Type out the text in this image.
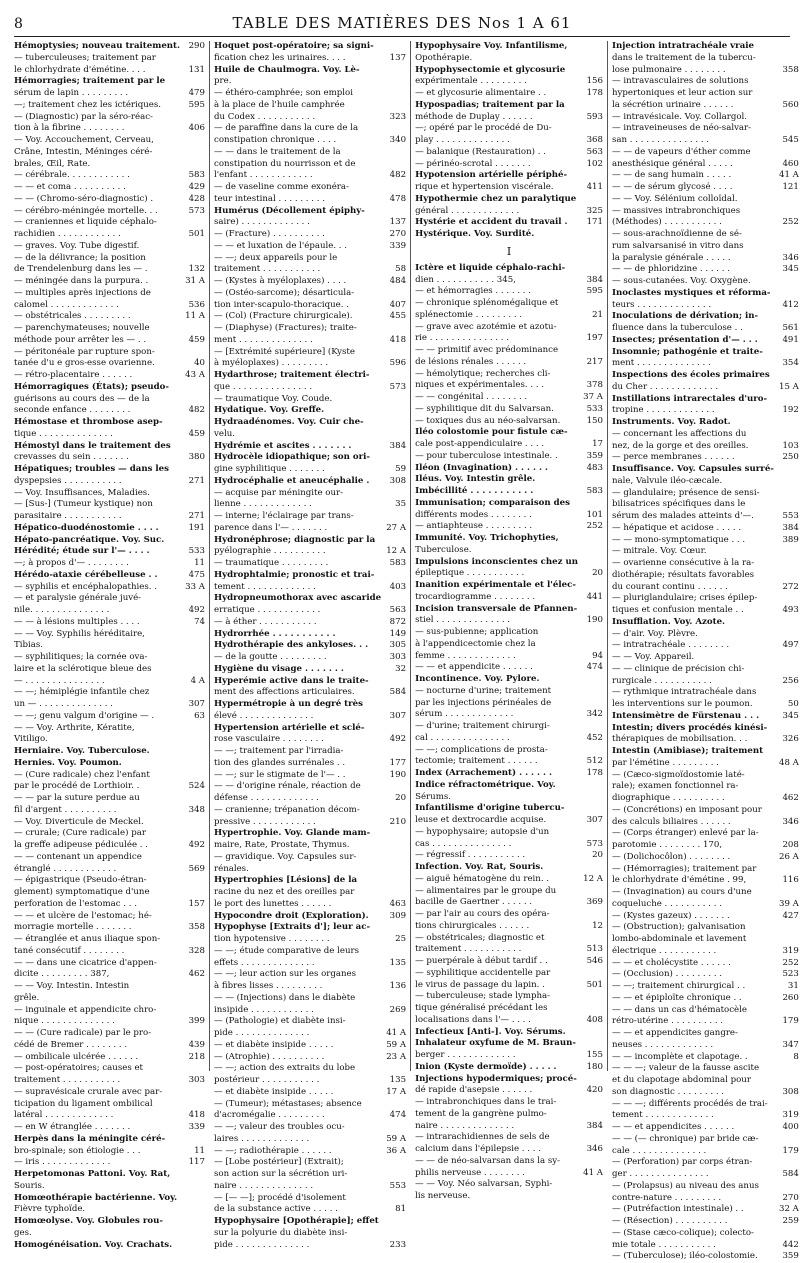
8	TABLE DES MATIÈRES DES Nos 1 A 61
Hémoptysies; nouveau traitement. 290
— tuberculeuses; traitement par
le chlorhydrate d'émétine. . . .	131
Hémorragies; traitement par le
sérum de lapin . . . . . . . . .	479
—; traitement chez les ictériques.	595
— (Diagnostic) par la séro-réac-
tion à la fibrine . . . . . . . .	406
— Voy. Accouchement, Cerveau,
Crâne, Intestin, Méninges céré-
brales, Œil, Rate.
— cérébrale. . . . . . . . . . . .	583
— — et coma . . . . . . . . . .	429
— — (Chromo-séro-diagnostic) .	428
— cérébro-méningée mortelle. . .	573
— craniennes et liquide céphalo-
rachidien . . . . . . . . . . . .	501
— graves. Voy. Tube digestif.
— de la délivrance; la position
de Trendelenburg dans les — .	132
— méningée dans la purpura. .	31 A
— multiples après injections de
calomel . . . . . . . . . . . . .	536
— obstétricales . . . . . . . . .	11 A
— parenchymateuses; nouvelle
méthode pour arrêter les — . .	459
— péritonéale par rupture spon-
tanée d'u e gros-esse ovarienne.	40
— rétro-placentaire . . . . . .	43 A
Hémorragiques (États); pseudo-
guérisons au cours des — de la
seconde enfance . . . . . . . .	482
Hémostase et thrombose asep-
tique . . . . . . . . . . . . . .	459
Hémostyl dans le traitement des
crevasses du sein . . . . . . .	380
Hépatiques; troubles — dans les
dyspepsies . . . . . . . . . . .	271
— Voy. Insuffisances, Maladies.
— [Sus-] (Tumeur kystique) non
parasitaire . . . . . . . . . . .	271
Hépatico-duodénostomie . . . .	191
Hépato-pancréatique. Voy. Suc.
Hérédité; étude sur l'— . . . .	533
—; à propos d'— . . . . . . . .	11
Hérédo-ataxie cérébelleuse . .	475
— syphilis et encéphalopathies. .	33 A
— et paralysie générale juvé-
nile. . . . . . . . . . . . . . .	492
— — à lésions multiples . . . .	74
— — Voy. Syphilis héréditaire,
Tibias.
— syphilitiques; la cornée ova-
laire et la sclérotique bleue des
— . . . . . . . . . . . . . . .	4 A
— —; hémiplégie infantile chez
un — . . . . . . . . . . . . . .	307
— —; genu valgum d'origine — .	63
— — Voy. Arthrite, Kératite,
Vitiligo.
Herniaire. Voy. Tuberculose.
Hernies. Voy. Poumon.
— (Cure radicale) chez l'enfant
par le procédé de Lorthioir. .	524
— — par la suture perdue au
fil d'argent . . . . . . . . . .	348
— Voy. Diverticule de Meckel.
— crurale; (Cure radicale) par
la greffe adipeuse pédiculée . .	492
— — contenant un appendice
étranglé . . . . . . . . . . . .	569
— épigastrique (Pseudo-étran-
glement) symptomatique d'une
perforation de l'estomac . . .	157
— — et ulcère de l'estomac; hé-
morragie mortelle . . . . . . .	358
— étranglée et anus iliaque spon-
tané consécutif . . . . . . . .	328
— — dans une cicatrice d'appen-
dicite . . . . . . . . . 387,	462
— — Voy. Intestin. Intestin
grêle.
— inguinale et appendicite chro-
nique . . . . . . . . . . . . . .	399
— — (Cure radicale) par le pro-
cédé de Bremer . . . . . . . .	439
— ombilicale ulcérée . . . . . .	218
— post-opératoires; causes et
traitement . . . . . . . . . . .	303
— supravésicale crurale avec par-
ticipation du ligament ombilical
latéral . . . . . . . . . . . . .	418
— en W étranglée . . . . . . .	339
Herpès dans la méningite céré-
bro-spinale; son étiologie . . .	11
— iris . . . . . . . . . . . . .	117
Herpetomonas Pattoni. Voy. Rat,
Souris.
Homœothérapie bactérienne. Voy.
Fièvre typhoïde.
Homœolyse. Voy. Globules rou-
ges.
Homogénéisation. Voy. Crachats.
Hoquet post-opératoire; sa signi-
fication chez les urinaires. . . .	137
Huile de Chaulmogra. Voy. Lè-
pre.
— éthéro-camphrée; son emploi
à la place de l'huile camphrée
du Codex . . . . . . . . . . .	323
— de paraffine dans la cure de la
constipation chronique . . . .	340
— — dans le traitement de la
constipation du nourrisson et de
l'enfant . . . . . . . . . . . .	482
— de vaseline comme exonéra-
teur intestinal . . . . . . . . .	478
Humérus (Décollement épiphy-
saire) . . . . . . . . . . . . .	137
— (Fracture) . . . . . . . . . .	270
— — et luxation de l'épaule. . .	339
— —; deux appareils pour le
traitement . . . . . . . . . . .	58
— (Kystes à myéloplaxes) . . . .	484
— (Ostéo-sarcome); désarticula-
tion inter-scapulo-thoracique. .	407
— (Col) (Fracture chirurgicale).	455
— (Diaphyse) (Fractures); traite-
ment . . . . . . . . . . . . . .	418
— [Extrémité supérieure] (Kyste
à myéloplaxes) . . . . . . . . .	596
Hydarthrose; traitement électri-
que . . . . . . . . . . . . . . .	573
— traumatique Voy. Coude.
Hydatique. Voy. Greffe.
Hydraadénomes. Voy. Cuir che-
velu.
Hydrémie et ascites . . . . . . .	384
Hydrocèle idiopathique; son ori-
gine syphilitique . . . . . . .	59
Hydrocéphalie et aneucéphalie .	308
— acquise par méningite our-
lienne . . . . . . . . . . . . .	35
— interne; l'éclairage par trans-
parence dans l'— . . . . . . .	27 A
Hydronéphrose; diagnostic par la
pyélographie . . . . . . . . . .	12 A
— traumatique . . . . . . . . .	583
Hydrophtalmie; pronostic et trai-
tement . . . . . . . . . . . . .	403
Hydropneumothorax avec ascaride
erratique . . . . . . . . . . . .	563
— à éther . . . . . . . . . . .	872
Hydrorrhée . . . . . . . . . . .	149
Hydrothérapie des ankyloses. . .	305
— de la goutte . . . . . . . . .	303
Hygiène du visage . . . . . . .	32
Hyperémie active dans le traite-
ment des affections articulaires.	584
Hypermétropie à un degré très
élevé . . . . . . . . . . . . . .	307
Hypertension artérielle et sclé-
rose vasculaire . . . . . . . .	492
— —; traitement par l'irradia-
tion des glandes surrénales . .	177
— —; sur le stigmate de l'— . .	190
— — d'origine rénale, réaction de
défense . . . . . . . . . . . . .	20
— cranienne; trépanation décom-
pressive . . . . . . . . . . . .	210
Hypertrophie. Voy. Glande mam-
maire, Rate, Prostate, Thymus.
— gravidique. Voy. Capsules sur-
rénales.
Hypertrophies [Lésions] de la
racine du nez et des oreilles par
le port des lunettes . . . . . .	463
Hypocondre droit (Exploration).	309
Hypophyse [Extraits d']; leur ac-
tion hypotensive . . . . . . . .	25
— —; étude comparative de leurs
effets . . . . . . . . . . . . . .	135
— —; leur action sur les organes
à fibres lisses . . . . . . . . .	136
— — (Injections) dans le diabète
insipide . . . . . . . . . . . .	269
— (Pathologie) et diabète insi-
pide . . . . . . . . . . . . . .	41 A
— et diabète insipide . . . . .	59 A
— (Atrophie) . . . . . . . . . .	23 A
— —; action des extraits du lobe
postérieur . . . . . . . . . . .	135
— et diabète insipide . . . . .	17 A
— (Tumeur); métastases; absence
d'acromégalie . . . . . . . . .	474
— —; valeur des troubles ocu-
laires . . . . . . . . . . . . .	59 A
— —; radiothérapie . . . . . .	36 A
— [Lobe postérieur] (Extrait);
son action sur la sécrétion uri-
naire . . . . . . . . . . . . . .	553
— [— —]; procédé d'isolement
de la substance active . . . . .	81
Hypophysaire [Opothérapie]; effet
sur la polyurie du diabète insi-
pide . . . . . . . . . . . . . .	233
Hypophysaire Voy. Infantilisme,
Opothérapie.
Hypophysectomie et glycosurie
expérimentale . . . . . . . . .	156
— et glycosurie alimentaire . .	178
Hypospadias; traitement par la
méthode de Duplay . . . . . .	593
—; opéré par le procédé de Du-
play . . . . . . . . . . . . . .	368
— balanique (Restauration) . .	563
— périnéo-scrotal . . . . . . .	102
Hypotension artérielle périphé-
rique et hypertension viscérale.	411
Hypothermie chez un paralytique
général . . . . . . . . . . . . .	325
Hystérie et accident du travail .	171
Hystérique. Voy. Surdité.
I
Ictère et liquide céphalo-rachi-
dien . . . . . . . . . . . 345,	384
— et hémorragies . . . . . . .	595
— chronique splénomégalique et
splénectomie . . . . . . . . .	21
— grave avec azotémie et azotu-
rie . . . . . . . . . . . . . . .	197
— — primitif avec prédominance
de lésions rénales . . . . . .	217
— hémolytique; recherches cli-
niques et expérimentales. . . .	378
— — congénital . . . . . . . .	37 A
— syphilitique dit du Salvarsan.	533
— toxiques dus au néo-salvarsan.	150
Iléo colostomie pour fistule cæ-
cale post-appendiculaire . . . .	17
— pour tuberculose intestinale. .	359
Iléon (Invagination) . . . . . .	483
Iléus. Voy. Intestin grêle.
Imbécillité . . . . . . . . . . .	583
Immunisation; comparaison des
différents modes . . . . . . . .	101
— antiaphteuse . . . . . . . . .	252
Immunité. Voy. Trichophyties,
Tuberculose.
Impulsions inconscientes chez un
épileptique . . . . . . . . . . .	20
Inanition expérimentale et l'élec-
trocardiogramme . . . . . . . .	441
Incision transversale de Pfannen-
stiel . . . . . . . . . . . . . .	190
— sus-pubienne; application
à l'appendicectomie chez la
femme . . . . . . . . . . . . .	94
— — et appendicite . . . . . .	474
Incontinence. Voy. Pylore.
— nocturne d'urine; traitement
par les injections périnéales de
sérum . . . . . . . . . . . . .	342
— d'urine; traitement chirurgi-
cal . . . . . . . . . . . . . . .	452
— —; complications de prosta-
tectomie; traitement . . . . . .	512
Index (Arrachement) . . . . . .	178
Indice réfractométrique. Voy.
Sérums.
Infantilisme d'origine tubercu-
leuse et dextrocardie acquise.	307
— hypophysaire; autopsie d'un
cas . . . . . . . . . . . . . . .	573
— régressif . . . . . . . . . . .	20
Infection. Voy. Rat, Souris.
— aiguë hématogène du rein. .	12 A
— alimentaires par le groupe du
bacille de Gaertner . . . . . .	369
— par l'air au cours des opéra-
tions chirurgicales . . . . . .	12
— obstétricales; diagnostic et
traitement . . . . . . . . . . .	513
— puerpérale à début tardif . .	546
— syphilitique accidentelle par
le virus de passage du lapin. .	501
— tuberculeuse; stade lympha-
tique généralisé précédant les
localisations dans l'— . . . .	408
Infectieux [Anti-]. Voy. Sérums.
Inhalateur oxyfume de M. Braun-
berger . . . . . . . . . . . . .	155
Inion (Kyste dermoïde) . . . . .	180
Injections hypodermiques; procé-
dé rapide d'asepsie . . . . . .	420
— intrabronchiques dans le trai-
tement de la gangrène pulmo-
naire . . . . . . . . . . . . . .	384
— intrarachidiennes de sels de
calcium dans l'épilepsie . . . .	346
— — de néo-salvarsan dans la sy-
philis nerveuse . . . . . . . .	41 A
— — Voy. Néo salvarsan, Syphi-
lis nerveuse.
Injection intratrachéale vraie
dans le traitement de la tubercu-
lose pulmonaire . . . . . . . .	358
— intravasculaires de solutions
hypertoniques et leur action sur
la sécrétion urinaire . . . . . .	560
— intravésicale. Voy. Collargol.
— intraveineuses de néo-salvar-
san . . . . . . . . . . . . . . .	545
— — de vapeurs d'éther comme
anesthésique général . . . . .	460
— — de sang humain . . . . .	41 A
— — de sérum glycosé . . . .	121
— — Voy. Sélénium colloïdal.
— massives intrabronchiques
(Méthodes) . . . . . . . . . . .	252
— sous-arachnoïdienne de sé-
rum salvarsanisé in vitro dans
la paralysie générale . . . . .	346
— — de phloridzine . . . . . .	345
— sous-cutanées. Voy. Oxygène.
Inoclastes mystiques et réforma-
teurs . . . . . . . . . . . . . .	412
Inoculations de dérivation; in-
fluence dans la tuberculose . .	561
Insectes; présentation d'— . . .	491
Insomnie; pathogénie et traite-
ment . . . . . . . . . . . . . .	354
Inspections des écoles primaires
du Cher . . . . . . . . . . . . .	15 A
Instillations intrarectales d'uro-
tropine . . . . . . . . . . . . .	192
Instruments. Voy. Radot.
— concernant les affections du
nez, de la gorge et des oreilles.	103
— perce membranes . . . . . .	250
Insuffisance. Voy. Capsules surré-
nale, Valvule iléo-cæcale.
— glandulaire; présence de sensi-
bilisatrices spécifiques dans le
sérum des malades atteints d'—.	553
— hépatique et acidose . . . . .	384
— — mono-symptomatique . . .	389
— mitrale. Voy. Cœur.
— ovarienne consécutive à la ra-
diothérapie; résultats favorables
du courant continu . . . . . .	272
— pluriglandulaire; crises épilep-
tiques et confusion mentale . .	493
Insufflation. Voy. Azote.
— d'air. Voy. Plèvre.
— intratrachéale . . . . . . . .	497
— — Voy. Appareil.
— — clinique de précision chi-
rurgicale . . . . . . . . . . .	256
— rythmique intratrachéale dans
les interventions sur le poumon.	50
Intensimètre de Fürstenau . . .	345
Intestin; divers procédés kinési-
thérapiques de mobilisation. . .	326
Intestin (Amibiase); traitement
par l'émétine . . . . . . . . .	48 A
— (Cæco-sigmoïdostomie laté-
rale); examen fonctionnel ra-
diographique . . . . . . . . . .	462
— (Concrétions) en imposant pour
des calculs biliaires . . . . . .	346
— (Corps étranger) enlevé par la-
parotomie . . . . . . . . 170,	208
— (Dolichocôlon) . . . . . . . .	26 A
— (Hémorragies); traitement par
le chlorhydrate d'émétine . 99,	116
— (Invagination) au cours d'une
coqueluche . . . . . . . . . . .	39 A
— (Kystes gazeux) . . . . . . .	427
— (Obstruction); galvanisation
lombo-abdominale et lavement
électrique . . . . . . . . . . .	319
— — et cholécystite . . . . . .	252
— (Occlusion) . . . . . . . . .	523
— —; traitement chirurgical . .	31
— — et épiploïte chronique . .	260
— — dans un cas d'hématocèle
rétro-utérine . . . . . . . . . .	179
— — et appendicites gangre-
neuses . . . . . . . . . . . . .	347
— — incomplète et clapotage. .	8
— — —; valeur de la fausse ascite
et du clapotage abdominal pour
son diagnostic . . . . . . . . .	308
— — —; différents procédés de trai-
tement . . . . . . . . . . . . .	319
— — et appendicites . . . . . .	400
— — (— chronique) par bride cæ-
cale . . . . . . . . . . . . . .	179
— (Perforation) par corps étran-
ger . . . . . . . . . . . . . . .	584
— (Prolapsus) au niveau des anus
contre-nature . . . . . . . . .	270
— (Putréfaction intestinale) . .	32 A
— (Résection) . . . . . . . . . .	259
— (Stase cæco-colique); colecto-
mie totale . . . . . . . . . . .	442
— (Tuberculose); iléo-colostomie.	359
